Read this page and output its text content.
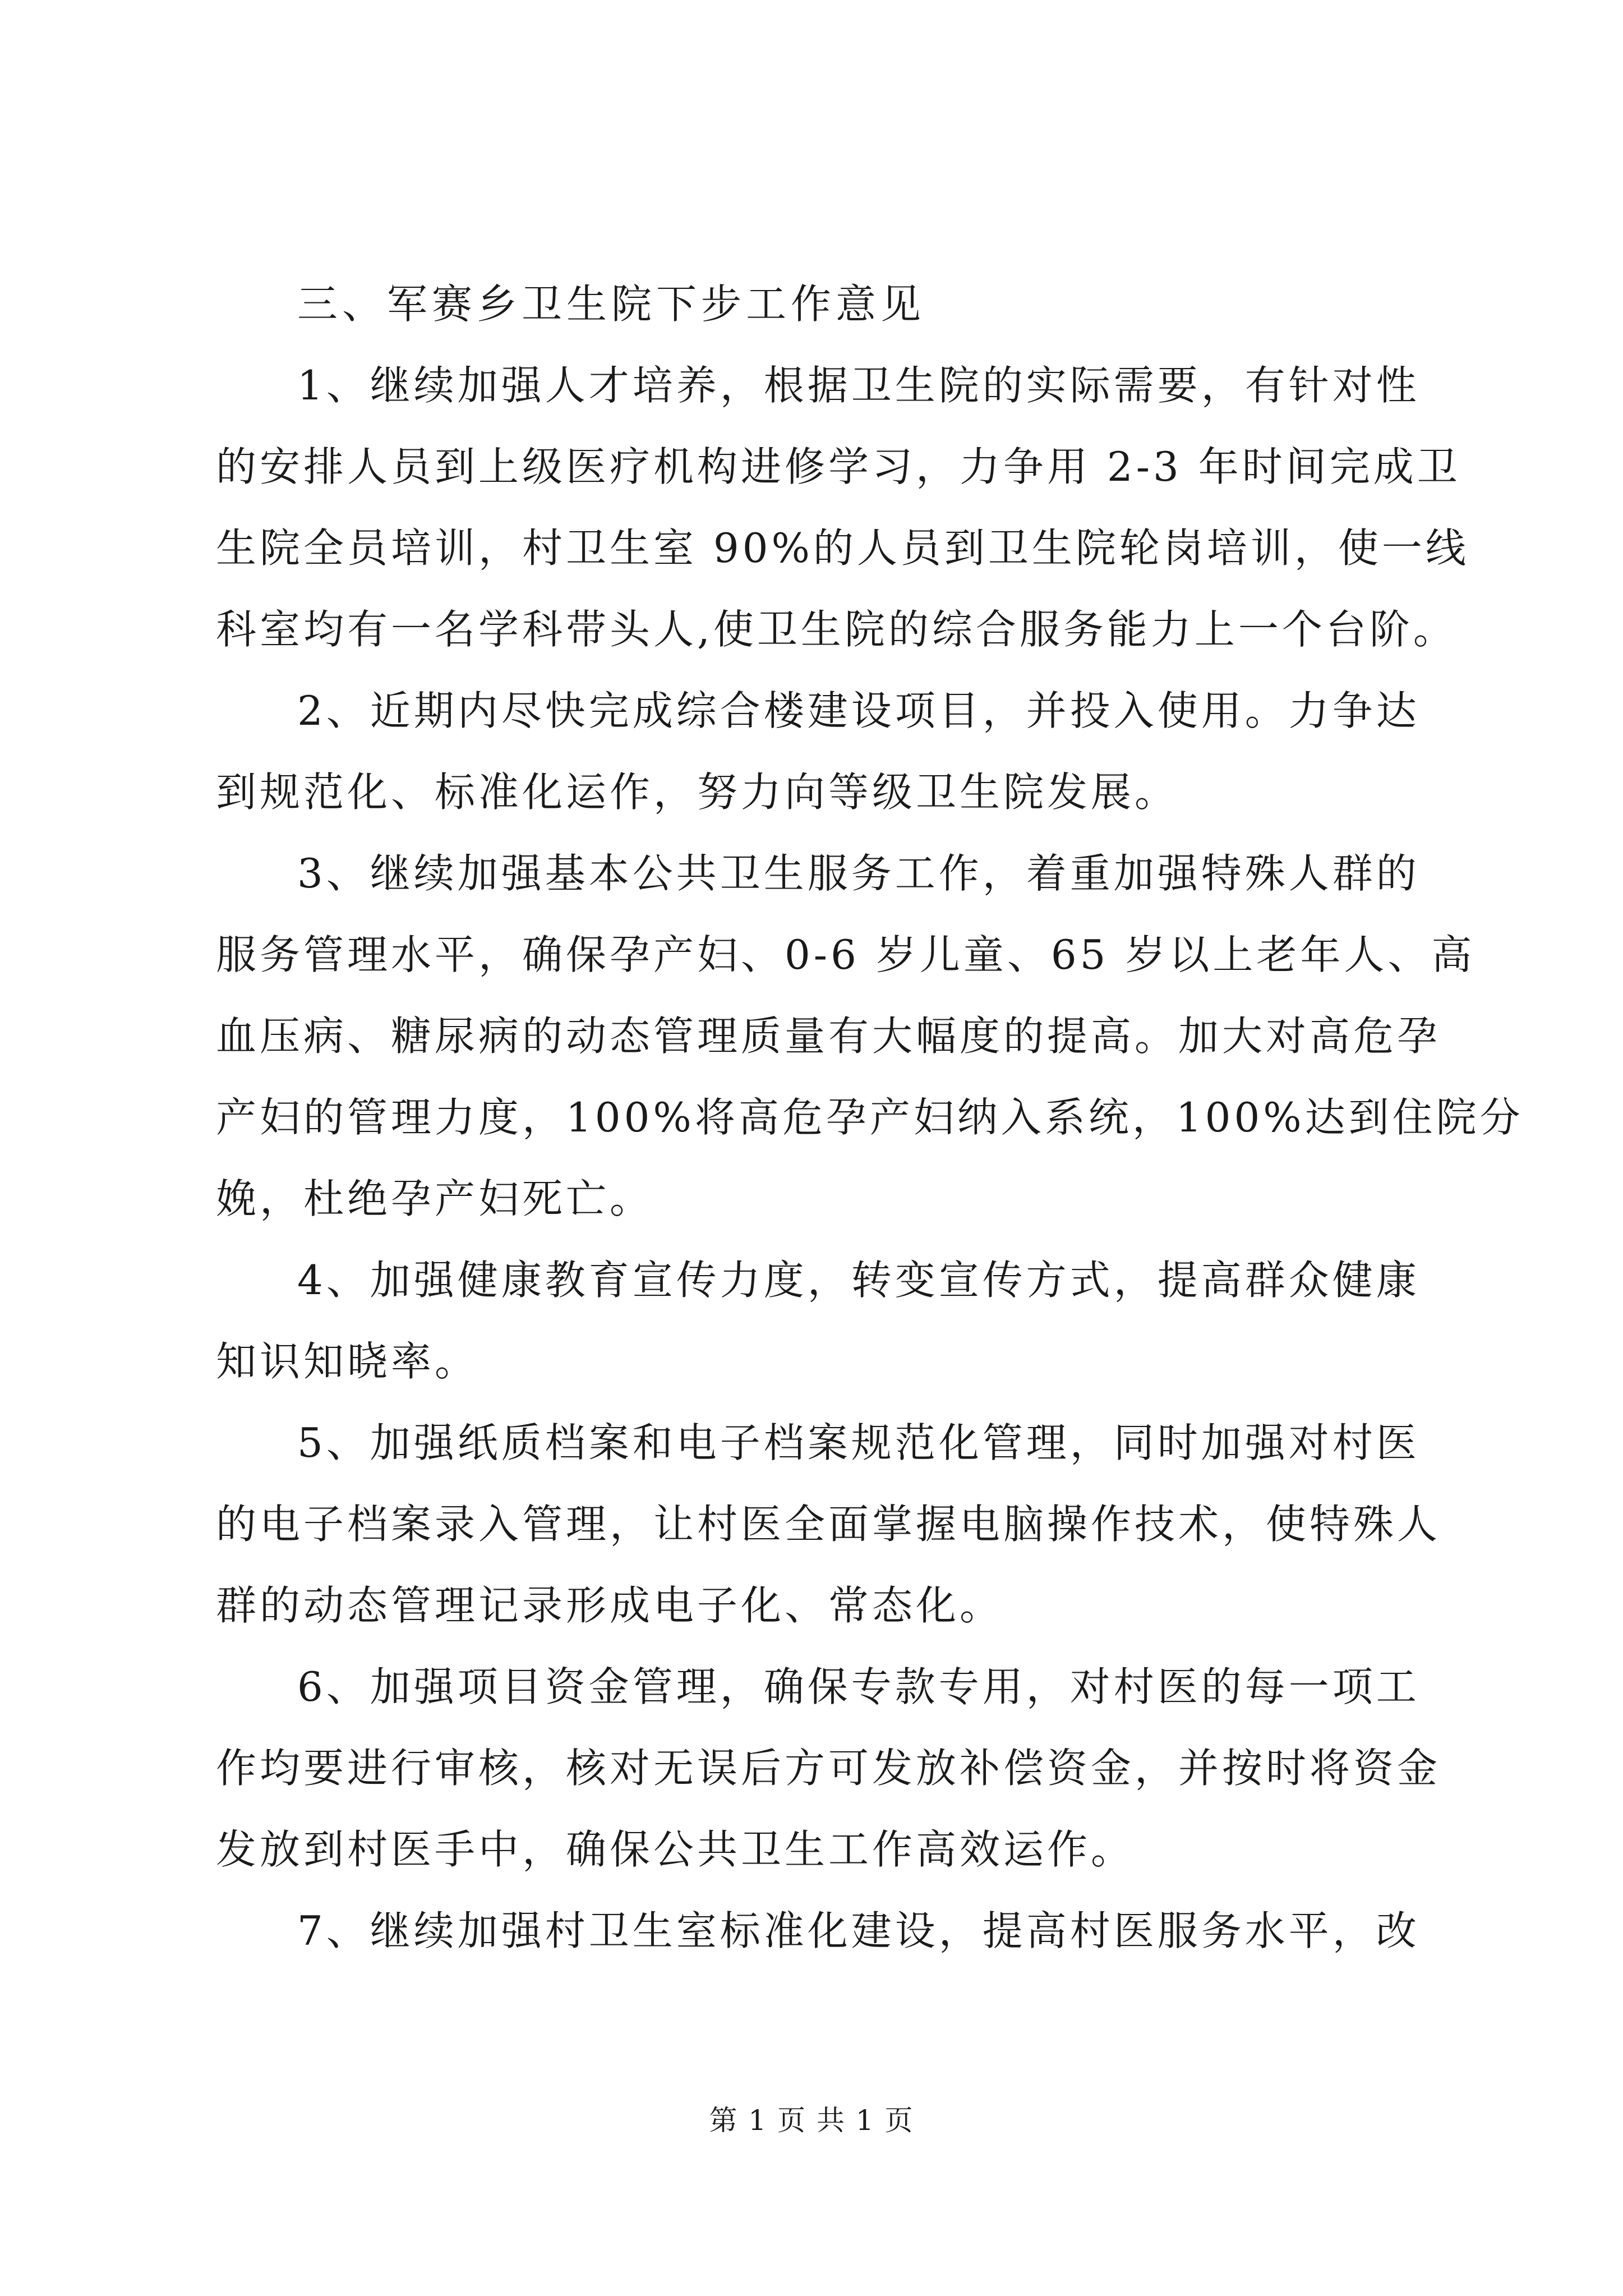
三、军赛乡卫生院下步工作意见

1、继续加强人才培养，根据卫生院的实际需要，有针对性
的安排人员到上级医疗机构进修学习，力争用 2-3 年时间完成卫
生院全员培训，村卫生室 90%的人员到卫生院轮岗培训，使一线
科室均有一名学科带头人,使卫生院的综合服务能力上一个台阶。

2、近期内尽快完成综合楼建设项目，并投入使用。力争达
到规范化、标准化运作，努力向等级卫生院发展。

3、继续加强基本公共卫生服务工作，着重加强特殊人群的
服务管理水平，确保孕产妇、0-6 岁儿童、65 岁以上老年人、高
血压病、糖尿病的动态管理质量有大幅度的提高。加大对高危孕
产妇的管理力度，100%将高危孕产妇纳入系统，100%达到住院分
娩，杜绝孕产妇死亡。

4、加强健康教育宣传力度，转变宣传方式，提高群众健康
知识知晓率。

5、加强纸质档案和电子档案规范化管理，同时加强对村医
的电子档案录入管理，让村医全面掌握电脑操作技术，使特殊人
群的动态管理记录形成电子化、常态化。

6、加强项目资金管理，确保专款专用，对村医的每一项工
作均要进行审核，核对无误后方可发放补偿资金，并按时将资金
发放到村医手中，确保公共卫生工作高效运作。

7、继续加强村卫生室标准化建设，提高村医服务水平，改

第 1 页 共 1 页
